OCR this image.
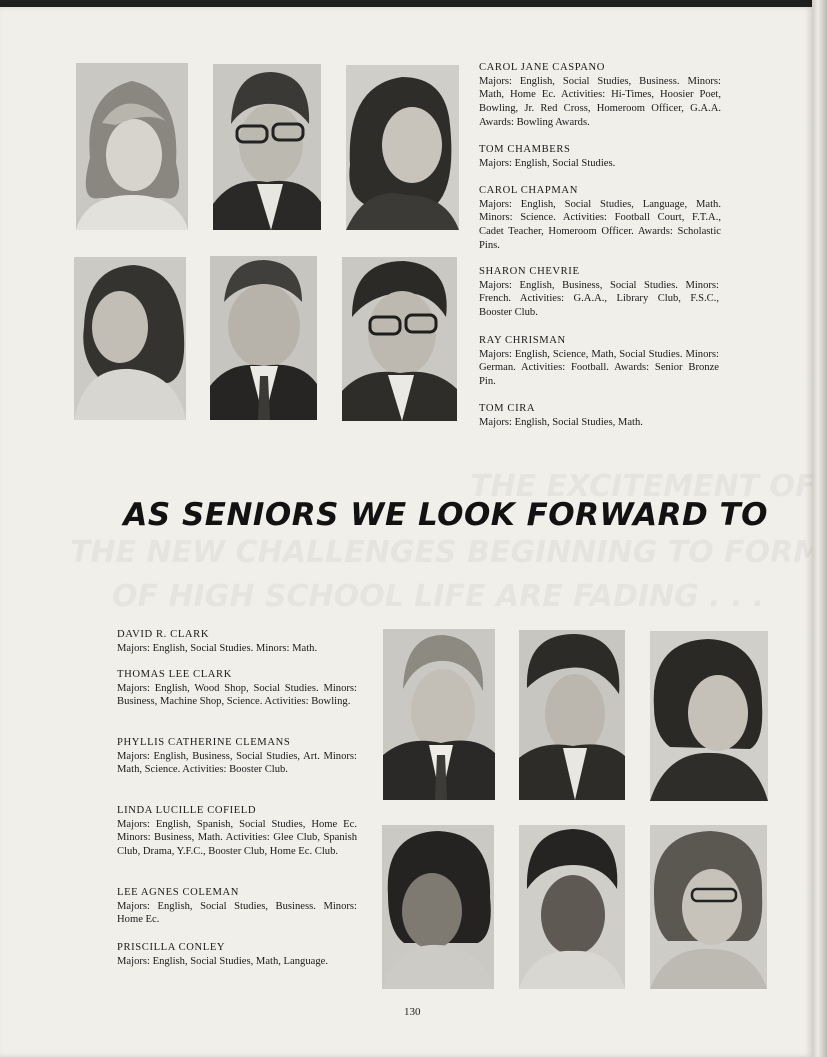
CAROL JANE CASPANO

Majors: English, Social Studies, Business. Minors: Math, Home Ec. Activities: Hi-Times, Hoosier Poet, Bowling, Jr. Red Cross, Homeroom Officer, G.A.A. Awards: Bowling Awards.

TOM CHAMBERS

Majors: English, Social Studies.

CAROL CHAPMAN

Majors: English, Social Studies, Language, Math. Minors: Science. Activities: Football Court, F.T.A., Cadet Teacher, Homeroom Officer. Awards: Scholastic Pins.

SHARON CHEVRIE

Majors: English, Business, Social Studies. Minors: French. Activities: G.A.A., Library Club, F.S.C., Booster Club.

RAY CHRISMAN

Majors: English, Science, Math, Social Studies. Minors: German. Activities: Football. Awards: Senior Bronze Pin.

TOM CIRA

Majors: English, Social Studies, Math.

AS SENIORS WE LOOK FORWARD TO
DAVID R. CLARK

Majors: English, Social Studies. Minors: Math.

THOMAS LEE CLARK

Majors: English, Wood Shop, Social Studies. Minors: Business, Machine Shop, Science. Activities: Bowling.

PHYLLIS CATHERINE CLEMANS

Majors: English, Business, Social Studies, Art. Minors: Math, Science. Activities: Booster Club.

LINDA LUCILLE COFIELD

Majors: English, Spanish, Social Studies, Home Ec. Minors: Business, Math. Activities: Glee Club, Spanish Club, Drama, Y.F.C., Booster Club, Home Ec. Club.

LEE AGNES COLEMAN

Majors: English, Social Studies, Business. Minors: Home Ec.

PRISCILLA CONLEY

Majors: English, Social Studies, Math, Language.

130
